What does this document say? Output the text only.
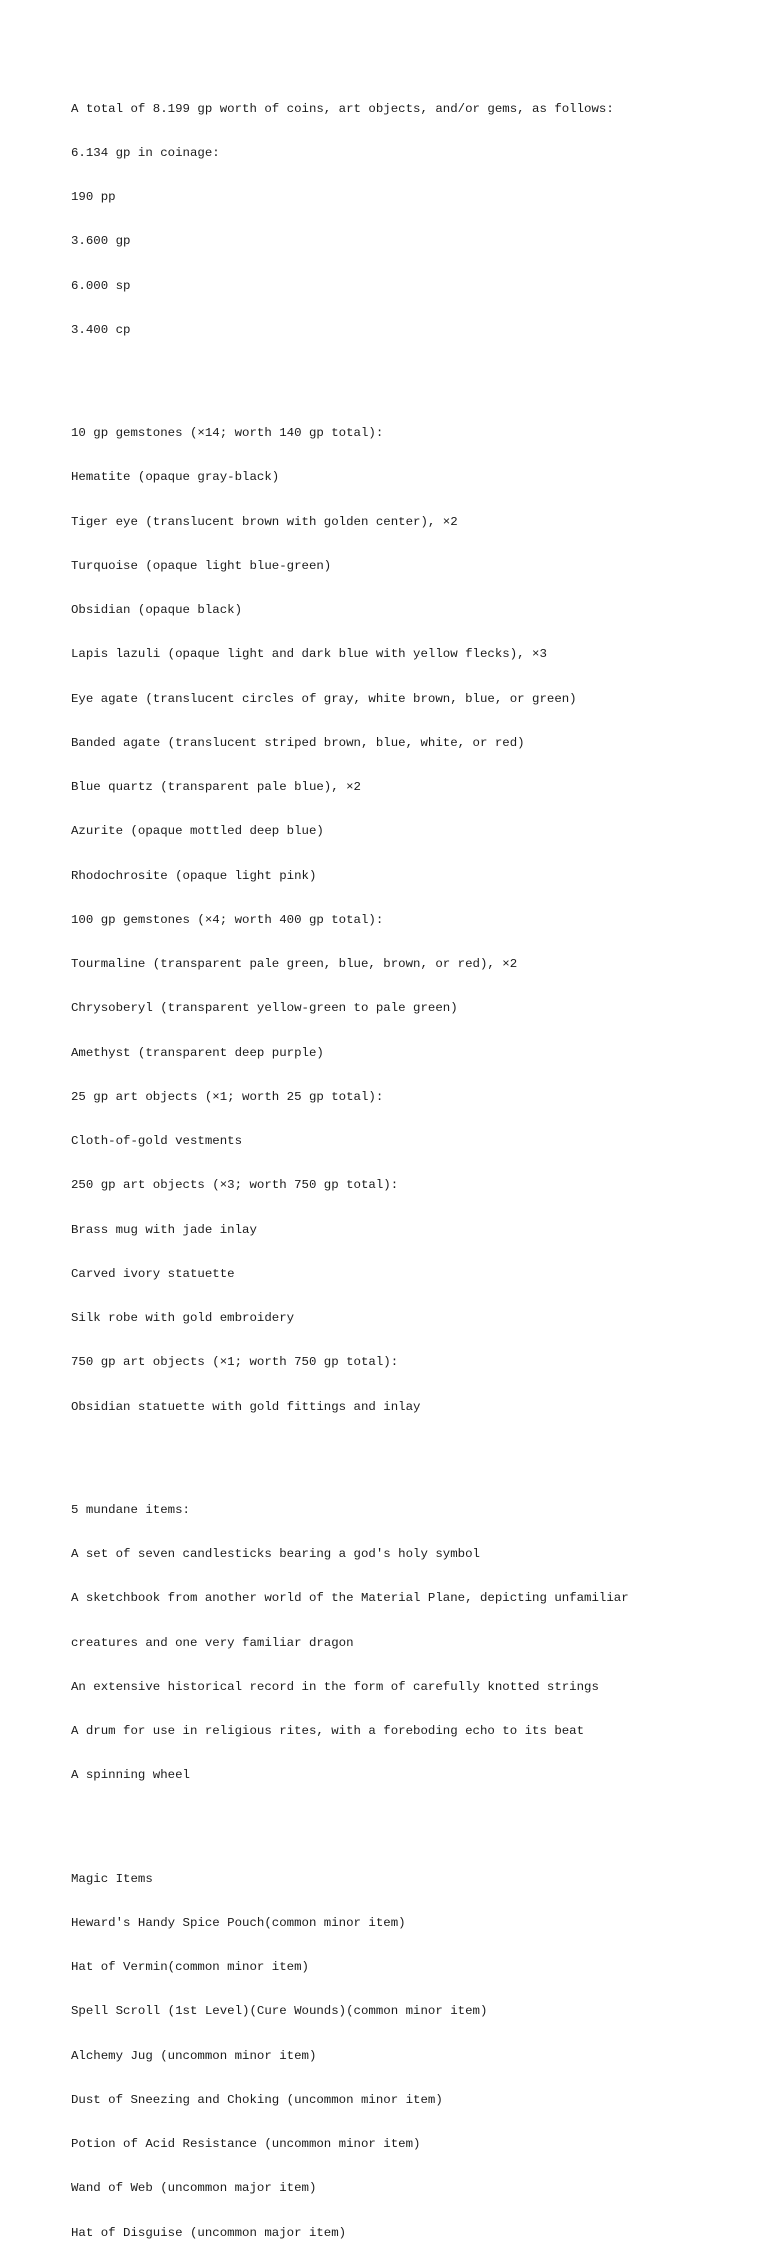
A total of 8.199 gp worth of coins, art objects, and/or gems, as follows:

6.134 gp in coinage:

190 pp

3.600 gp

6.000 sp

3.400 cp

10 gp gemstones (×14; worth 140 gp total):

Hematite (opaque gray-black)

Tiger eye (translucent brown with golden center), ×2

Turquoise (opaque light blue-green)

Obsidian (opaque black)

Lapis lazuli (opaque light and dark blue with yellow flecks), ×3

Eye agate (translucent circles of gray, white brown, blue, or green)

Banded agate (translucent striped brown, blue, white, or red)

Blue quartz (transparent pale blue), ×2

Azurite (opaque mottled deep blue)

Rhodochrosite (opaque light pink)

100 gp gemstones (×4; worth 400 gp total):

Tourmaline (transparent pale green, blue, brown, or red), ×2

Chrysoberyl (transparent yellow-green to pale green)

Amethyst (transparent deep purple)

25 gp art objects (×1; worth 25 gp total):

Cloth-of-gold vestments

250 gp art objects (×3; worth 750 gp total):

Brass mug with jade inlay

Carved ivory statuette

Silk robe with gold embroidery

750 gp art objects (×1; worth 750 gp total):

Obsidian statuette with gold fittings and inlay

5 mundane items:

A set of seven candlesticks bearing a god's holy symbol

A sketchbook from another world of the Material Plane, depicting unfamiliar

creatures and one very familiar dragon

An extensive historical record in the form of carefully knotted strings

A drum for use in religious rites, with a foreboding echo to its beat

A spinning wheel

Magic Items

Heward's Handy Spice Pouch(common minor item)

Hat of Vermin(common minor item)

Spell Scroll (1st Level)(Cure Wounds)(common minor item)

Alchemy Jug (uncommon minor item)

Dust of Sneezing and Choking (uncommon minor item)

Potion of Acid Resistance (uncommon minor item)

Wand of Web (uncommon major item)

Hat of Disguise (uncommon major item)
